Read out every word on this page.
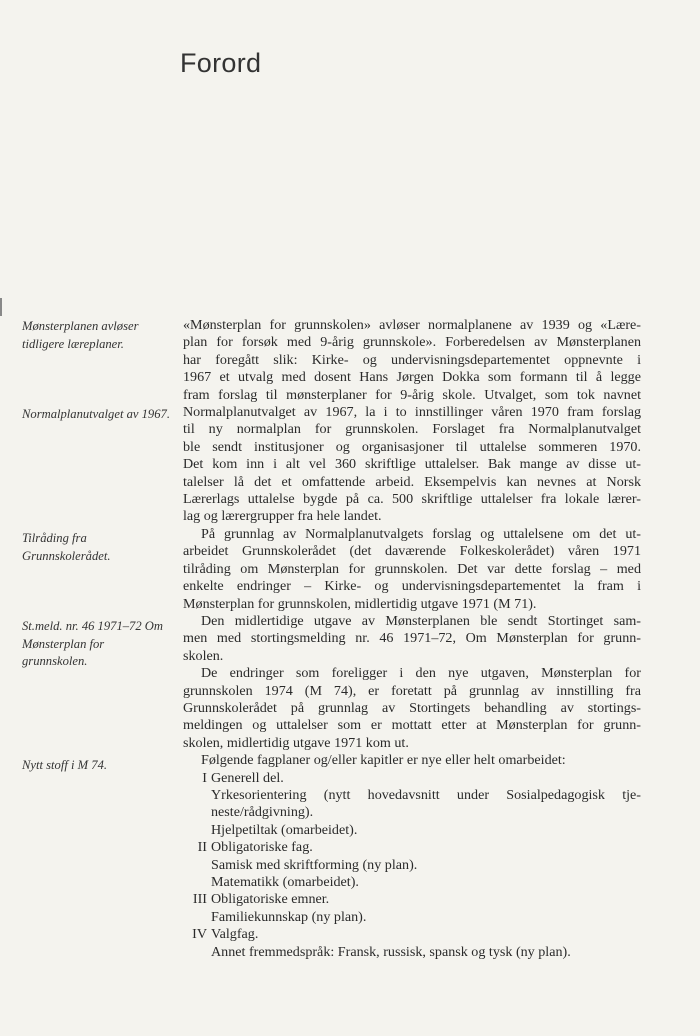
Forord
Mønsterplanen avløser tidligere læreplaner.
Normalplanutvalget av 1967.
Tilråding fra Grunnskolerådet.
St.meld. nr. 46 1971–72 Om Mønsterplan for grunnskolen.
Nytt stoff i M 74.

«Mønsterplan for grunnskolen» avløser normalplanene av 1939 og «Lære-
plan for forsøk med 9-årig grunnskole». Forberedelsen av Mønsterplanen
har foregått slik: Kirke- og undervisningsdepartementet oppnevnte i
1967 et utvalg med dosent Hans Jørgen Dokka som formann til å legge
fram forslag til mønsterplaner for 9-årig skole. Utvalget, som tok navnet
Normalplanutvalget av 1967, la i to innstillinger våren 1970 fram forslag
til ny normalplan for grunnskolen. Forslaget fra Normalplanutvalget
ble sendt institusjoner og organisasjoner til uttalelse sommeren 1970.
Det kom inn i alt vel 360 skriftlige uttalelser. Bak mange av disse ut-
talelser lå det et omfattende arbeid. Eksempelvis kan nevnes at Norsk
Lærerlags uttalelse bygde på ca. 500 skriftlige uttalelser fra lokale lærer-
lag og lærergrupper fra hele landet.

På grunnlag av Normalplanutvalgets forslag og uttalelsene om det ut-
arbeidet Grunnskolerådet (det daværende Folkeskolerådet) våren 1971
tilråding om Mønsterplan for grunnskolen. Det var dette forslag – med
enkelte endringer – Kirke- og undervisningsdepartementet la fram i
Mønsterplan for grunnskolen, midlertidig utgave 1971 (M 71).

Den midlertidige utgave av Mønsterplanen ble sendt Stortinget sam-
men med stortingsmelding nr. 46 1971–72, Om Mønsterplan for grunn-
skolen.

De endringer som foreligger i den nye utgaven, Mønsterplan for
grunnskolen 1974 (M 74), er foretatt på grunnlag av innstilling fra
Grunnskolerådet på grunnlag av Stortingets behandling av stortings-
meldingen og uttalelser som er mottatt etter at Mønsterplan for grunn-
skolen, midlertidig utgave 1971 kom ut.

Følgende fagplaner og/eller kapitler er nye eller helt omarbeidet:

I Generell del.
Yrkesorientering (nytt hovedavsnitt under Sosialpedagogisk tje-
neste/rådgivning).
Hjelpetiltak (omarbeidet).
II Obligatoriske fag.
Samisk med skriftforming (ny plan).
Matematikk (omarbeidet).
III Obligatoriske emner.
Familiekunnskap (ny plan).
IV Valgfag.
Annet fremmedspråk: Fransk, russisk, spansk og tysk (ny plan).
